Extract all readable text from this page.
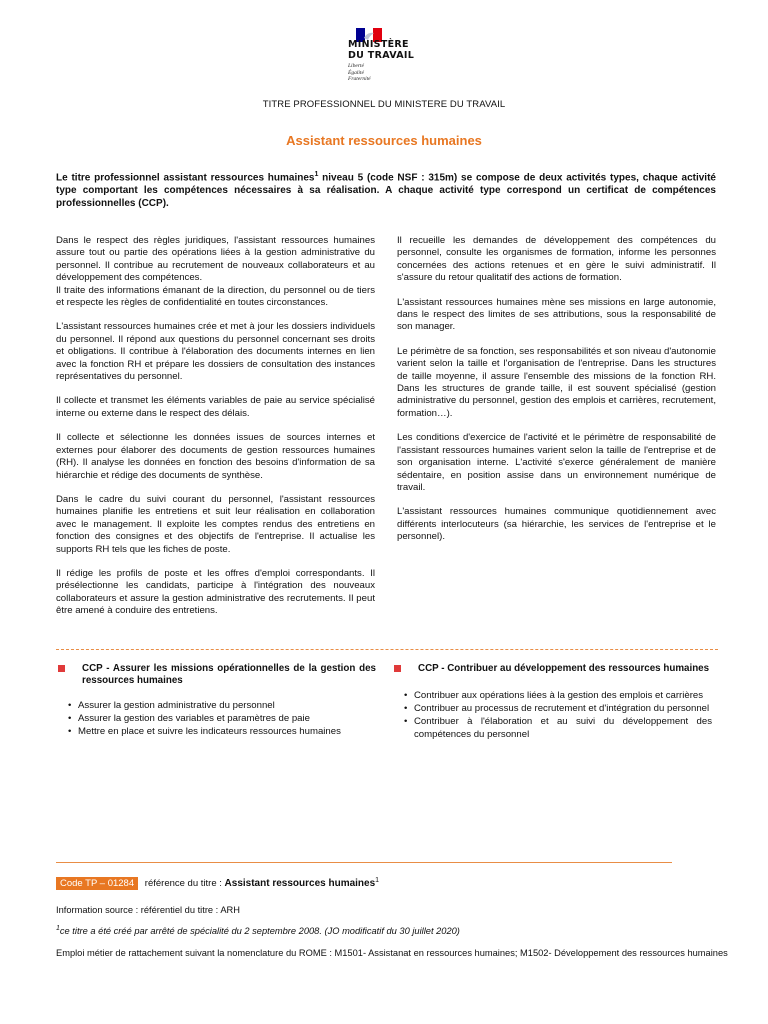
MINISTÈRE
DU TRAVAIL
Liberté
Égalité
Fraternité
TITRE PROFESSIONNEL DU MINISTERE DU TRAVAIL
Assistant ressources humaines
Le titre professionnel assistant ressources humaines$^1$ niveau 5 (code NSF : 315m) se compose de deux activités types, chaque activité type comportant les compétences nécessaires à sa réalisation. A chaque activité type correspond un certificat de compétences professionnelles (CCP).

Dans le respect des règles juridiques, l'assistant ressources humaines assure tout ou partie des opérations liées à la gestion administrative du personnel. Il contribue au recrutement de nouveaux collaborateurs et au développement des compétences.
Il traite des informations émanant de la direction, du personnel ou de tiers et respecte les règles de confidentialité en toutes circonstances.

L'assistant ressources humaines crée et met à jour les dossiers individuels du personnel. Il répond aux questions du personnel concernant ses droits et obligations. Il contribue à l'élaboration des documents internes en lien avec la fonction RH et prépare les dossiers de consultation des instances représentatives du personnel.

Il collecte et transmet les éléments variables de paie au service spécialisé interne ou externe dans le respect des délais.

Il collecte et sélectionne les données issues de sources internes et externes pour élaborer des documents de gestion ressources humaines (RH). Il analyse les données en fonction des besoins d'information de sa hiérarchie et rédige des documents de synthèse.

Dans le cadre du suivi courant du personnel, l'assistant ressources humaines planifie les entretiens et suit leur réalisation en collaboration avec le management. Il exploite les comptes rendus des entretiens en fonction des consignes et des objectifs de l'entreprise. Il actualise les supports RH tels que les fiches de poste.

Il rédige les profils de poste et les offres d'emploi correspondants. Il présélectionne les candidats, participe à l'intégration des nouveaux collaborateurs et assure la gestion administrative des recrutements. Il peut être amené à conduire des entretiens.

Il recueille les demandes de développement des compétences du personnel, consulte les organismes de formation, informe les personnes concernées des actions retenues et en gère le suivi administratif. Il s'assure du retour qualitatif des actions de formation.

L'assistant ressources humaines mène ses missions en large autonomie, dans le respect des limites de ses attributions, sous la responsabilité de son manager.

Le périmètre de sa fonction, ses responsabilités et son niveau d'autonomie varient selon la taille et l'organisation de l'entreprise. Dans les structures de taille moyenne, il assure l'ensemble des missions de la fonction RH. Dans les structures de grande taille, il est souvent spécialisé (gestion administrative du personnel, gestion des emplois et carrières, recrutement, formation…).

Les conditions d'exercice de l'activité et le périmètre de responsabilité de l'assistant ressources humaines varient selon la taille de l'entreprise et de son organisation interne. L'activité s'exerce généralement de manière sédentaire, en position assise dans un environnement numérique de travail.

L'assistant ressources humaines communique quotidiennement avec différents interlocuteurs (sa hiérarchie, les services de l'entreprise et le personnel).

CCP - Assurer les missions opérationnelles de la gestion des ressources humaines
• Assurer la gestion administrative du personnel
• Assurer la gestion des variables et paramètres de paie
• Mettre en place et suivre les indicateurs ressources humaines
CCP - Contribuer au développement des ressources humaines
• Contribuer aux opérations liées à la gestion des emplois et carrières
• Contribuer au processus de recrutement et d'intégration du personnel
• Contribuer à l'élaboration et au suivi du développement des compétences du personnel
Code TP – 01284 référence du titre : Assistant ressources humaines$^1$
Information source : référentiel du titre : ARH
$^1$ce titre a été créé par arrêté de spécialité du 2 septembre 2008. (JO modificatif du 30 juillet 2020)
Emploi métier de rattachement suivant la nomenclature du ROME : M1501- Assistanat en ressources humaines; M1502- Développement des ressources humaines
